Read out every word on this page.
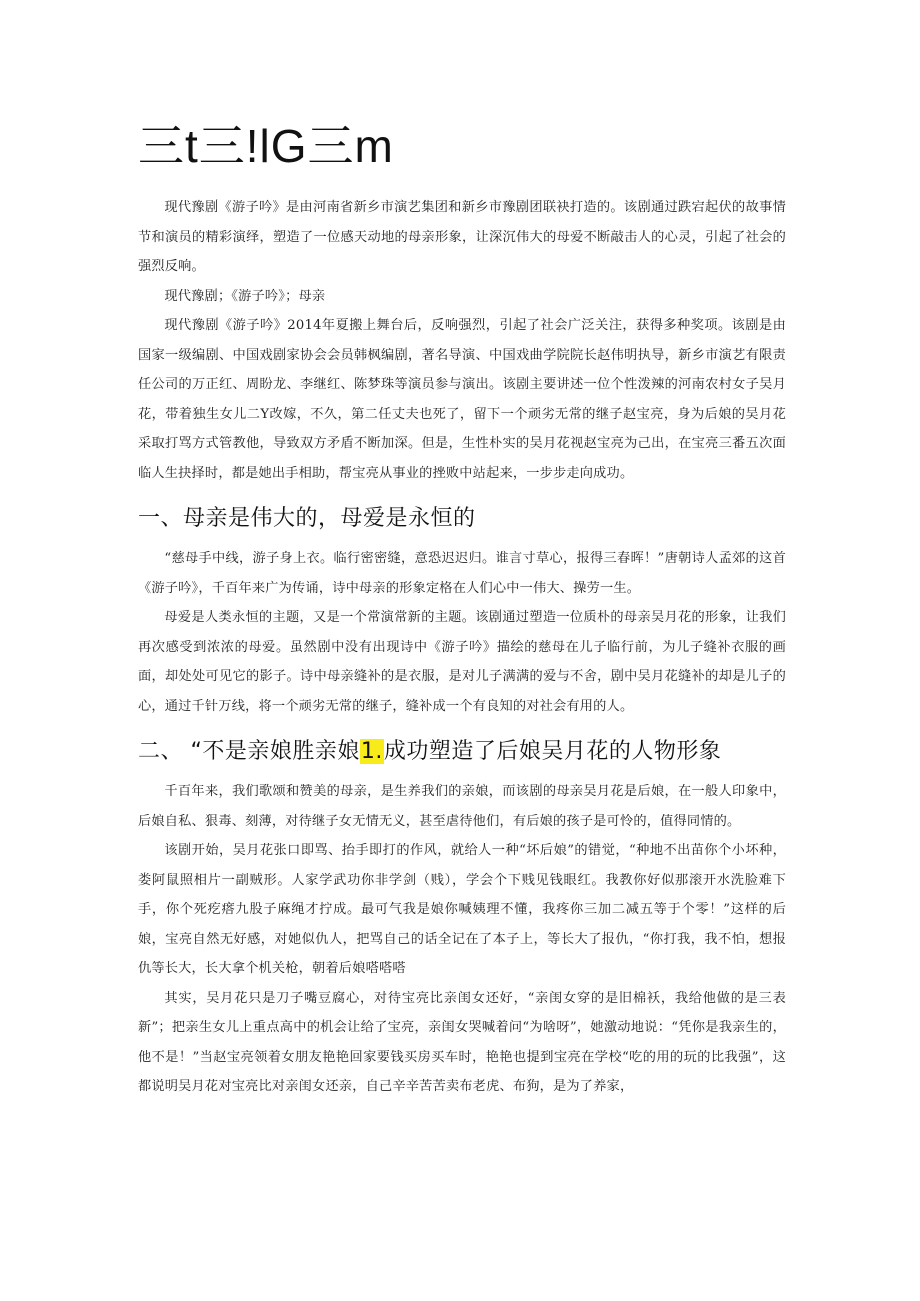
三t三!lG三m

现代豫剧《游子吟》是由河南省新乡市演艺集团和新乡市豫剧团联袂打造的。该剧通过跌宕起伏的故事情节和演员的精彩演绎，塑造了一位感天动地的母亲形象，让深沉伟大的母爱不断敲击人的心灵，引起了社会的强烈反响。

现代豫剧；《游子吟》；母亲

现代豫剧《游子吟》2014年夏搬上舞台后，反响强烈，引起了社会广泛关注，获得多种奖项。该剧是由国家一级编剧、中国戏剧家协会会员韩枫编剧，著名导演、中国戏曲学院院长赵伟明执导，新乡市演艺有限责任公司的万正红、周盼龙、李继红、陈梦珠等演员参与演出。该剧主要讲述一位个性泼辣的河南农村女子吴月花，带着独生女儿二Y改嫁，不久，第二任丈夫也死了，留下一个顽劣无常的继子赵宝亮，身为后娘的吴月花采取打骂方式管教他，导致双方矛盾不断加深。但是，生性朴实的吴月花视赵宝亮为己出，在宝亮三番五次面临人生抉择时，都是她出手相助，帮宝亮从事业的挫败中站起来，一步步走向成功。

一、母亲是伟大的，母爱是永恒的

“慈母手中线，游子身上衣。临行密密缝，意恐迟迟归。谁言寸草心，报得三春晖！”唐朝诗人孟郊的这首《游子吟》，千百年来广为传诵，诗中母亲的形象定格在人们心中一伟大、操劳一生。

母爱是人类永恒的主题，又是一个常演常新的主题。该剧通过塑造一位质朴的母亲吴月花的形象，让我们再次感受到浓浓的母爱。虽然剧中没有出现诗中《游子吟》描绘的慈母在儿子临行前，为儿子缝补衣服的画面，却处处可见它的影子。诗中母亲缝补的是衣服，是对儿子满满的爱与不舍，剧中吴月花缝补的却是儿子的心，通过千针万线，将一个顽劣无常的继子，缝补成一个有良知的对社会有用的人。

二、 “不是亲娘胜亲娘1.成功塑造了后娘吴月花的人物形象

千百年来，我们歌颂和赞美的母亲，是生养我们的亲娘，而该剧的母亲吴月花是后娘，在一般人印象中，后娘自私、狠毒、刻薄，对待继子女无情无义，甚至虐待他们，有后娘的孩子是可怜的，值得同情的。

该剧开始，吴月花张口即骂、抬手即打的作风，就给人一种“坏后娘”的错觉，“种地不出苗你个小坏种，娄阿鼠照相片一副贼形。人家学武功你非学剑（贱），学会个下贱见钱眼红。我教你好似那滚开水洗脸难下手，你个死疙瘩九股子麻绳才拧成。最可气我是娘你喊姨理不懂，我疼你三加二减五等于个零！”这样的后娘，宝亮自然无好感，对她似仇人，把骂自己的话全记在了本子上，等长大了报仇，“你打我，我不怕，想报仇等长大，长大拿个机关枪，朝着后娘嗒嗒嗒

其实，吴月花只是刀子嘴豆腐心，对待宝亮比亲闺女还好，“亲闺女穿的是旧棉袄，我给他做的是三表新”；把亲生女儿上重点高中的机会让给了宝亮，亲闺女哭喊着问“为啥呀”，她激动地说：“凭你是我亲生的，他不是！”当赵宝亮领着女朋友艳艳回家要钱买房买车时，艳艳也提到宝亮在学校“吃的用的玩的比我强”，这都说明吴月花对宝亮比对亲闺女还亲，自己辛辛苦苦卖布老虎、布狗，是为了养家，
